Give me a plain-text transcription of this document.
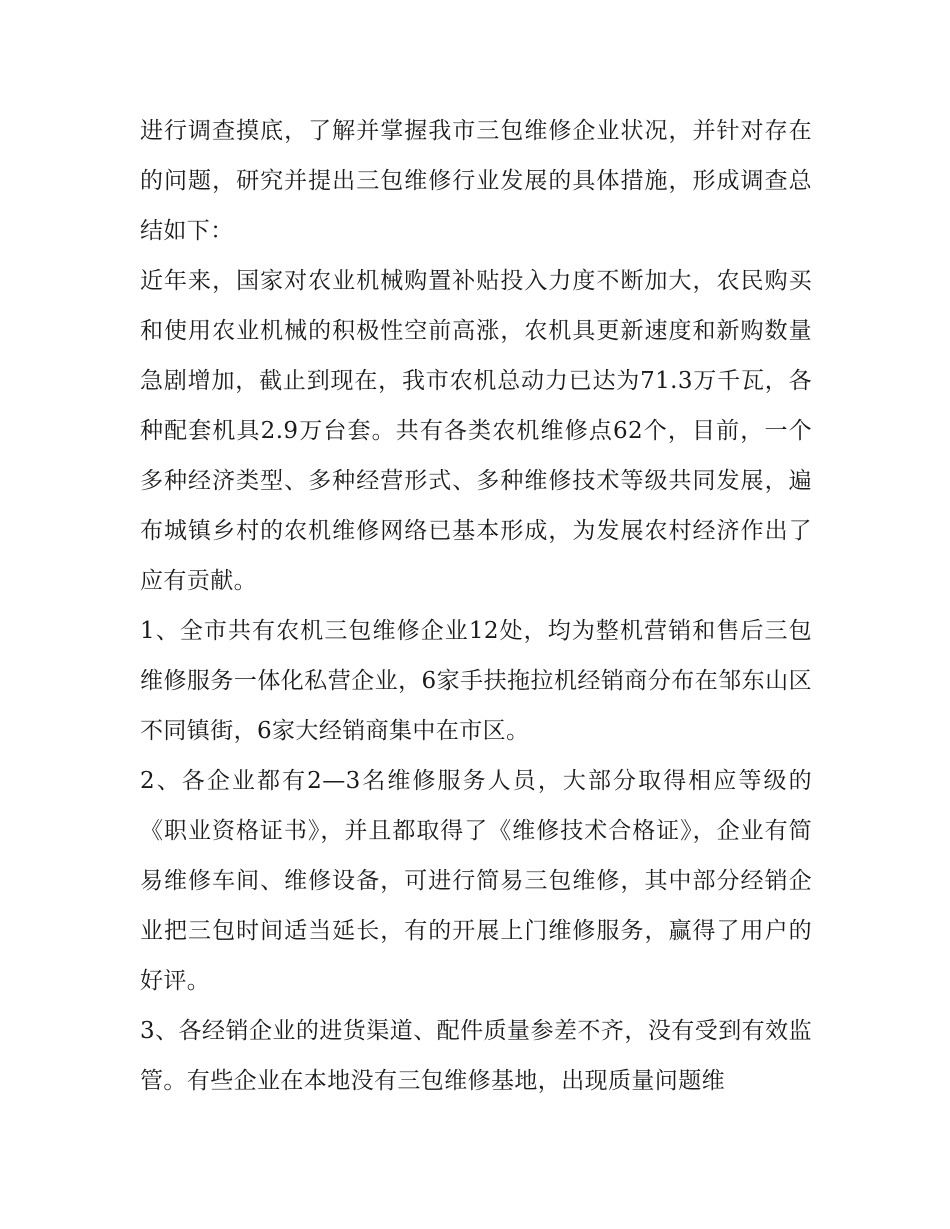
进行调查摸底，了解并掌握我市三包维修企业状况，并针对存在的问题，研究并提出三包维修行业发展的具体措施，形成调查总结如下：

近年来，国家对农业机械购置补贴投入力度不断加大，农民购买和使用农业机械的积极性空前高涨，农机具更新速度和新购数量急剧增加，截止到现在，我市农机总动力已达为71.3万千瓦，各种配套机具2.9万台套。共有各类农机维修点62个，目前，一个多种经济类型、多种经营形式、多种维修技术等级共同发展，遍布城镇乡村的农机维修网络已基本形成，为发展农村经济作出了应有贡献。

1、全市共有农机三包维修企业12处，均为整机营销和售后三包维修服务一体化私营企业，6家手扶拖拉机经销商分布在邹东山区不同镇街，6家大经销商集中在市区。

2、各企业都有2—3名维修服务人员，大部分取得相应等级的《职业资格证书》，并且都取得了《维修技术合格证》，企业有简易维修车间、维修设备，可进行简易三包维修，其中部分经销企业把三包时间适当延长，有的开展上门维修服务，赢得了用户的好评。

3、各经销企业的进货渠道、配件质量参差不齐，没有受到有效监管。有些企业在本地没有三包维修基地，出现质量问题维
